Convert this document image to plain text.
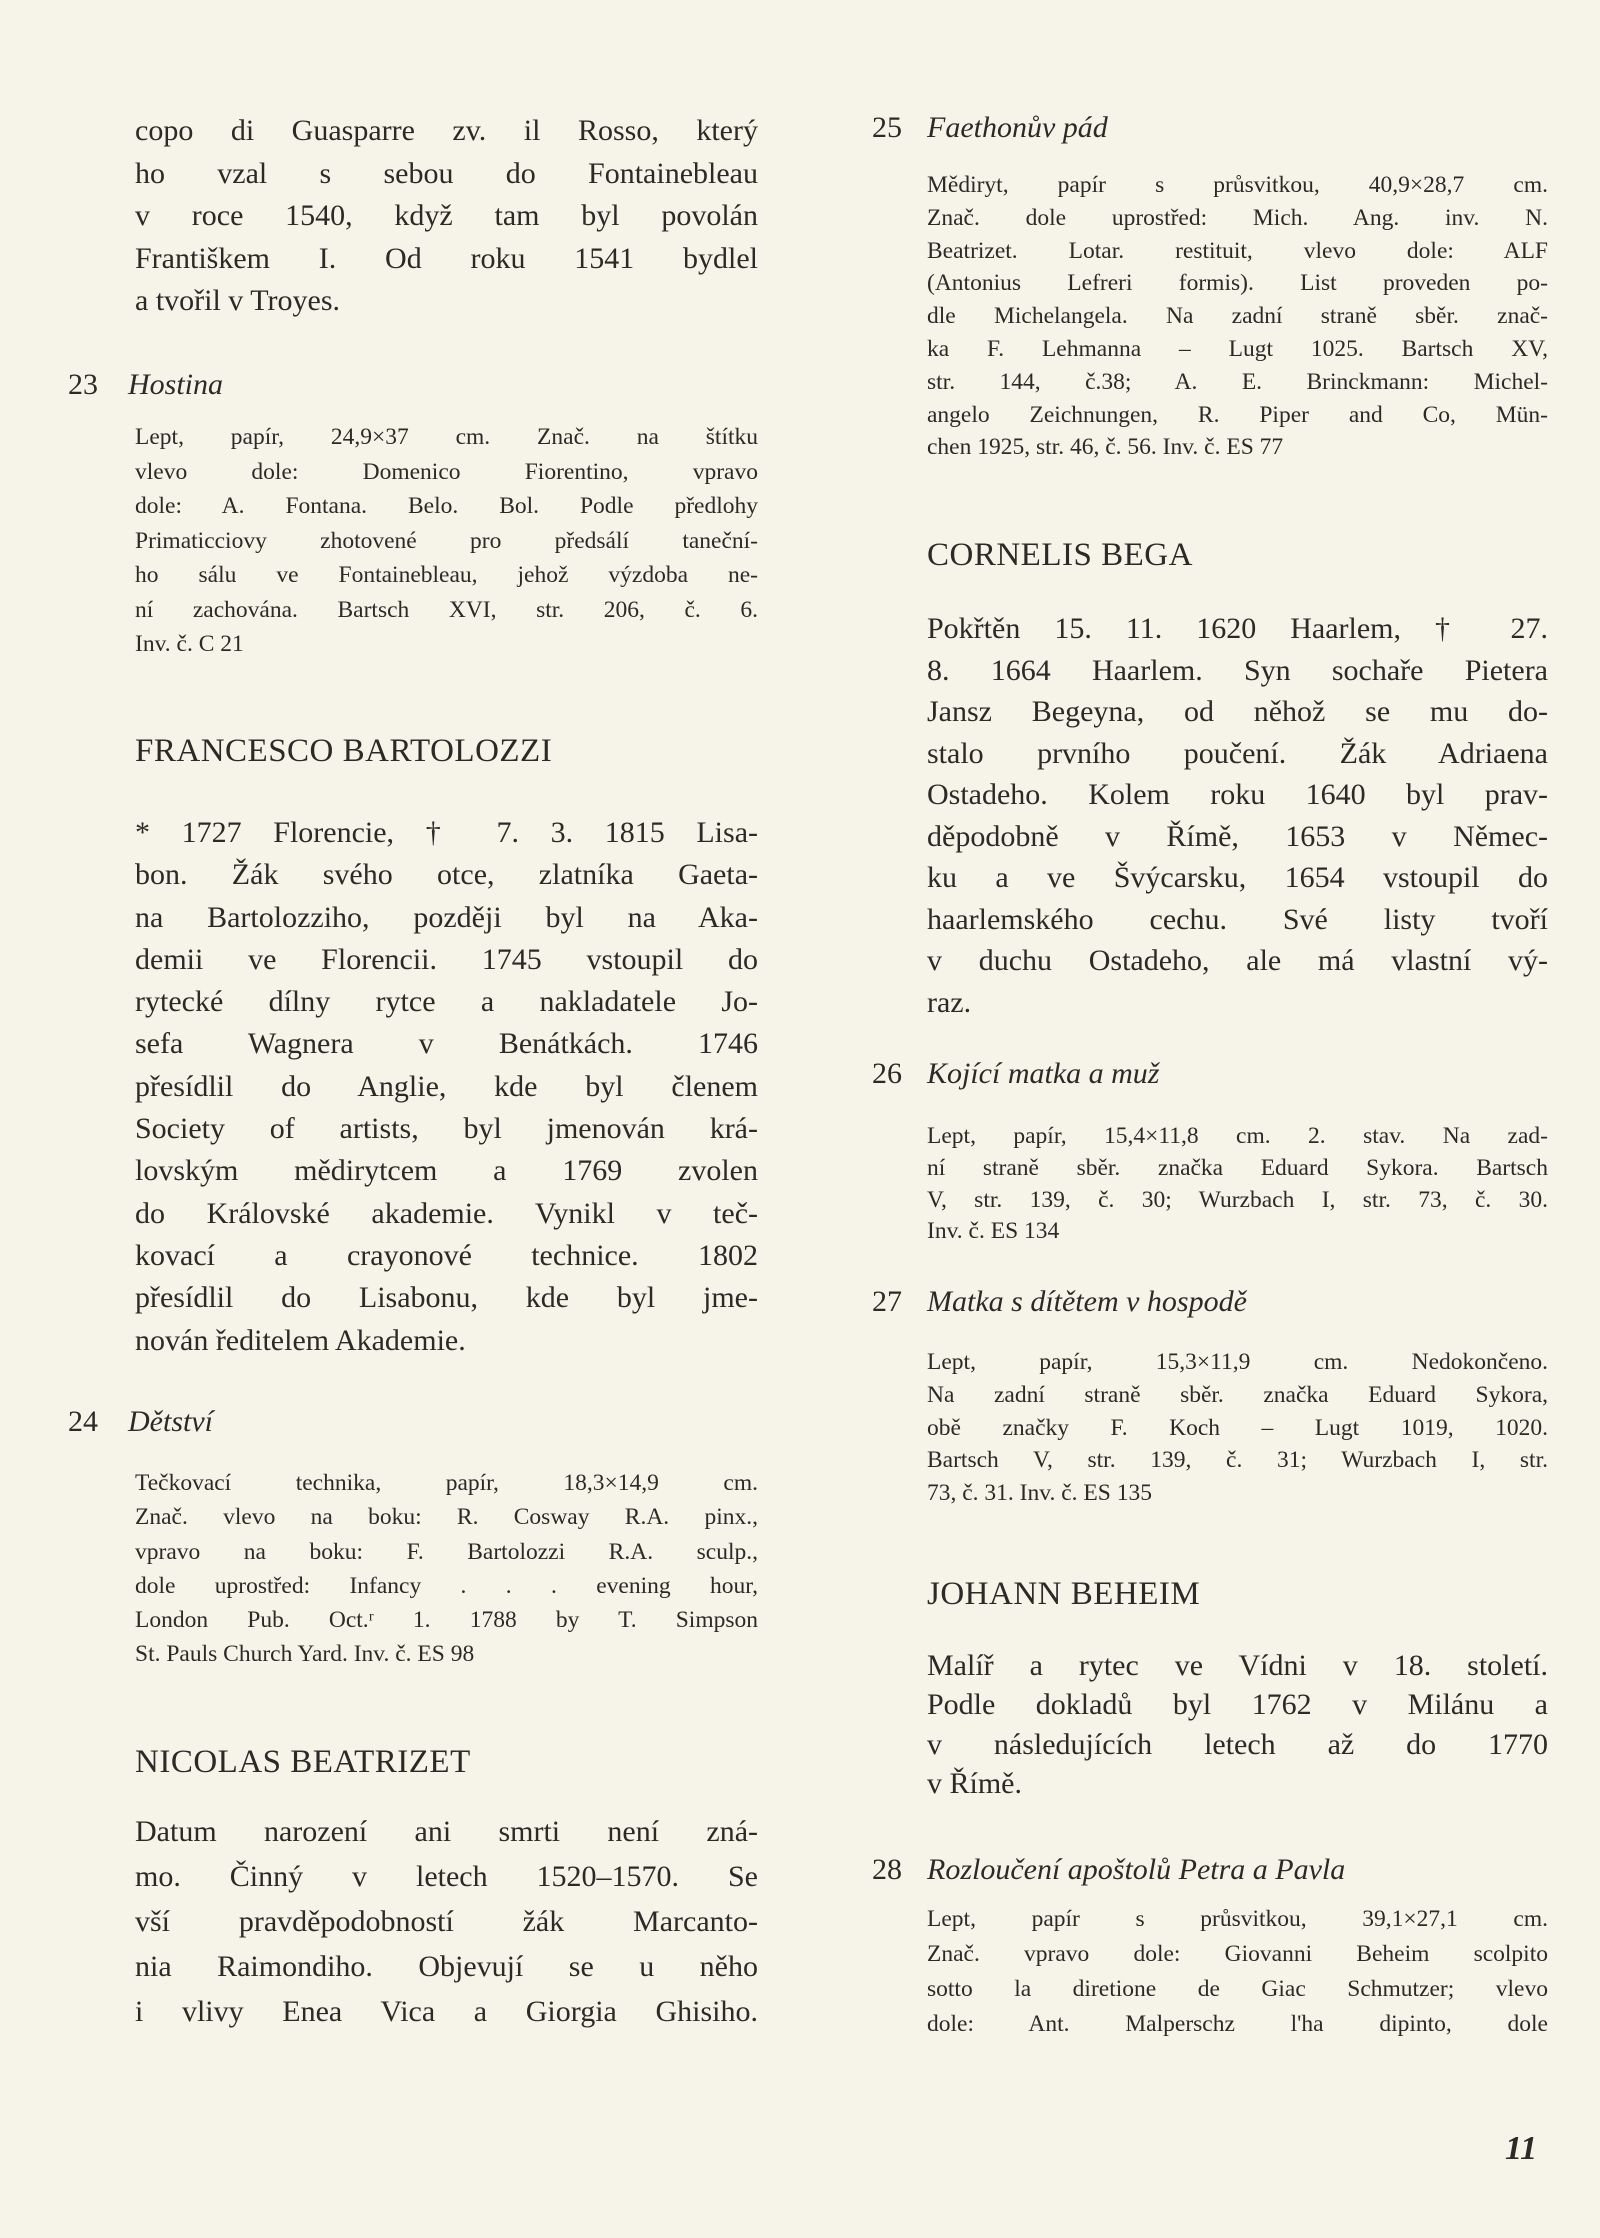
copo di Guasparre zv. il Rosso, který
ho vzal s sebou do Fontainebleau
v roce 1540, když tam byl povolán
Františkem I. Od roku 1541 bydlel
a tvořil v Troyes.
23 Hostina
Lept, papír, 24,9×37 cm. Znač. na štítku
vlevo dole: Domenico Fiorentino, vpravo
dole: A. Fontana. Belo. Bol. Podle předlohy
Primaticciovy zhotovené pro předsálí taneční-
ho sálu ve Fontainebleau, jehož výzdoba ne-
ní zachována. Bartsch XVI, str. 206, č. 6.
Inv. č. C 21
FRANCESCO BARTOLOZZI
* 1727 Florencie, † 7. 3. 1815 Lisa-
bon. Žák svého otce, zlatníka Gaeta-
na Bartolozziho, později byl na Aka-
demii ve Florencii. 1745 vstoupil do
rytecké dílny rytce a nakladatele Jo-
sefa Wagnera v Benátkách. 1746
přesídlil do Anglie, kde byl členem
Society of artists, byl jmenován krá-
lovským mědirytcem a 1769 zvolen
do Královské akademie. Vynikl v teč-
kovací a crayonové technice. 1802
přesídlil do Lisabonu, kde byl jme-
nován ředitelem Akademie.
24 Dětství
Tečkovací technika, papír, 18,3×14,9 cm.
Znač. vlevo na boku: R. Cosway R.A. pinx.,
vpravo na boku: F. Bartolozzi R.A. sculp.,
dole uprostřed: Infancy . . . evening hour,
London Pub. Oct.ʳ 1. 1788 by T. Simpson
St. Pauls Church Yard. Inv. č. ES 98
NICOLAS BEATRIZET
Datum narození ani smrti není zná-
mo. Činný v letech 1520–1570. Se
vší pravděpodobností žák Marcanto-
nia Raimondiho. Objevují se u něho
i vlivy Enea Vica a Giorgia Ghisiho.
25 Faethonův pád
Mědiryt, papír s průsvitkou, 40,9×28,7 cm.
Znač. dole uprostřed: Mich. Ang. inv. N.
Beatrizet. Lotar. restituit, vlevo dole: ALF
(Antonius Lefreri formis). List proveden po-
dle Michelangela. Na zadní straně sběr. znač-
ka F. Lehmanna – Lugt 1025. Bartsch XV,
str. 144, č.38; A. E. Brinckmann: Michel-
angelo Zeichnungen, R. Piper and Co, Mün-
chen 1925, str. 46, č. 56. Inv. č. ES 77
CORNELIS BEGA
Pokřtěn 15. 11. 1620 Haarlem, † 27.
8. 1664 Haarlem. Syn sochaře Pietera
Jansz Begeyna, od něhož se mu do-
stalo prvního poučení. Žák Adriaena
Ostadeho. Kolem roku 1640 byl prav-
děpodobně v Římě, 1653 v Němec-
ku a ve Švýcarsku, 1654 vstoupil do
haarlemského cechu. Své listy tvoří
v duchu Ostadeho, ale má vlastní vý-
raz.
26 Kojící matka a muž
Lept, papír, 15,4×11,8 cm. 2. stav. Na zad-
ní straně sběr. značka Eduard Sykora. Bartsch
V, str. 139, č. 30; Wurzbach I, str. 73, č. 30.
Inv. č. ES 134
27 Matka s dítětem v hospodě
Lept, papír, 15,3×11,9 cm. Nedokončeno.
Na zadní straně sběr. značka Eduard Sykora,
obě značky F. Koch – Lugt 1019, 1020.
Bartsch V, str. 139, č. 31; Wurzbach I, str.
73, č. 31. Inv. č. ES 135
JOHANN BEHEIM
Malíř a rytec ve Vídni v 18. století.
Podle dokladů byl 1762 v Milánu a
v následujících letech až do 1770
v Římě.
28 Rozloučení apoštolů Petra a Pavla
Lept, papír s průsvitkou, 39,1×27,1 cm.
Znač. vpravo dole: Giovanni Beheim scolpito
sotto la diretione de Giac Schmutzer; vlevo
dole: Ant. Malperschz l'ha dipinto, dole
11
